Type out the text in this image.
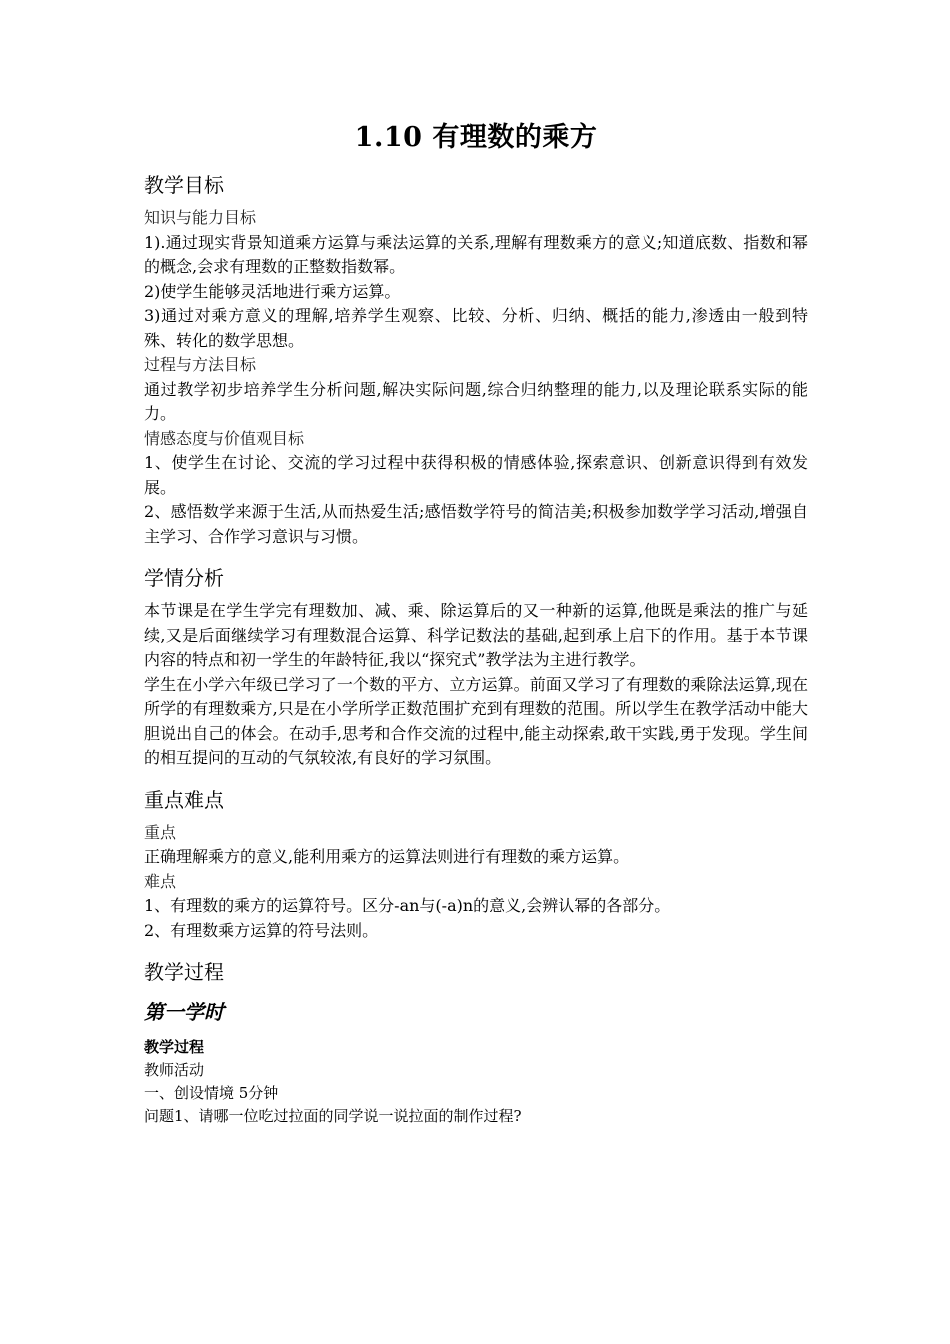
1.10 有理数的乘方
教学目标
知识与能力目标

1).通过现实背景知道乘方运算与乘法运算的关系,理解有理数乘方的意义;知道底数、指数和幂的概念,会求有理数的正整数指数幂。

2)使学生能够灵活地进行乘方运算。

3)通过对乘方意义的理解,培养学生观察、比较、分析、归纳、概括的能力,渗透由一般到特殊、转化的数学思想。

过程与方法目标

通过教学初步培养学生分析问题,解决实际问题,综合归纳整理的能力,以及理论联系实际的能力。

情感态度与价值观目标

1、使学生在讨论、交流的学习过程中获得积极的情感体验,探索意识、创新意识得到有效发展。

2、感悟数学来源于生活,从而热爱生活;感悟数学符号的简洁美;积极参加数学学习活动,增强自主学习、合作学习意识与习惯。

学情分析

本节课是在学生学完有理数加、减、乘、除运算后的又一种新的运算,他既是乘法的推广与延续,又是后面继续学习有理数混合运算、科学记数法的基础,起到承上启下的作用。基于本节课内容的特点和初一学生的年龄特征,我以“探究式”教学法为主进行教学。

学生在小学六年级已学习了一个数的平方、立方运算。前面又学习了有理数的乘除法运算,现在所学的有理数乘方,只是在小学所学正数范围扩充到有理数的范围。所以学生在教学活动中能大胆说出自己的体会。在动手,思考和合作交流的过程中,能主动探索,敢干实践,勇于发现。学生间的相互提问的互动的气氛较浓,有良好的学习氛围。

重点难点
重点

正确理解乘方的意义,能利用乘方的运算法则进行有理数的乘方运算。

难点

1、有理数的乘方的运算符号。区分-an与(-a)n的意义,会辨认幂的各部分。

2、有理数乘方运算的符号法则。

教学过程
第一学时
教学过程
教师活动
一、创设情境 5分钟
问题1、请哪一位吃过拉面的同学说一说拉面的制作过程?
